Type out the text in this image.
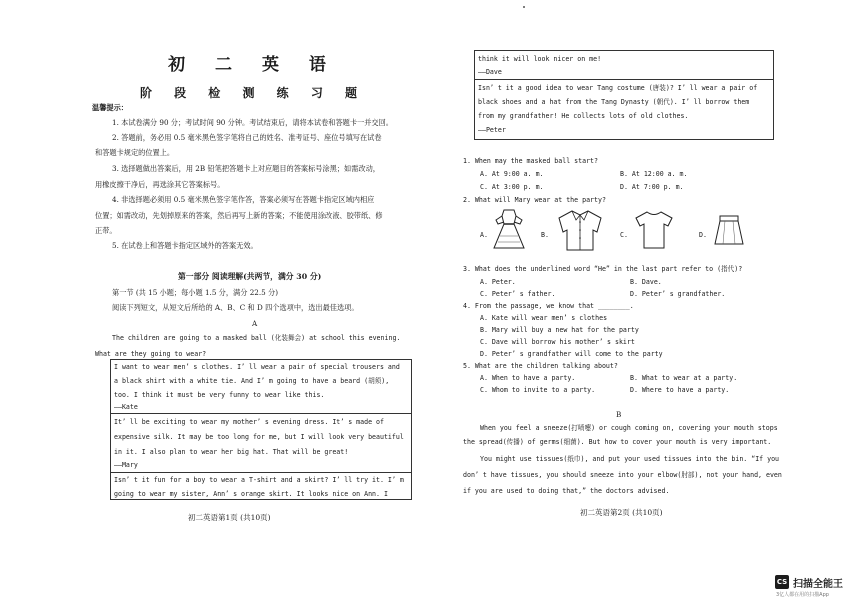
初 二 英 语
阶 段 检 测 练 习 题
温馨提示：
1. 本试卷满分 90 分；考试时间 90 分钟。考试结束后，请将本试卷和答题卡一并交回。
2. 答题前，务必用 0.5 毫米黑色签字笔将自己的姓名、准考证号、座位号填写在试卷
和答题卡规定的位置上。
3. 选择题做出答案后，用 2B 铅笔把答题卡上对应题目的答案标号涂黑；如需改动，
用橡皮擦干净后，再选涂其它答案标号。
4. 非选择题必须用 0.5 毫米黑色签字笔作答，答案必须写在答题卡指定区域内相应
位置；如需改动，先划掉原来的答案，然后再写上新的答案；不能使用涂改液、胶带纸、修
正带。
5. 在试卷上和答题卡指定区域外的答案无效。
第一部分 阅读理解(共两节，满分 30 分)
第一节 (共 15 小题；每小题 1.5 分，满分 22.5 分)
阅读下列短文，从短文后所给的 A、B、C 和 D 四个选项中，选出最佳选项。
A
The children are going to a masked ball (化装舞会) at school this evening.
What are they going to wear?
I want to wear men’ s clothes. I’ ll wear a pair of special trousers and
a black shirt with a white tie. And I’ m going to have a beard (胡须),
too. I think it must be very funny to wear like this.
——Kate
It’ ll be exciting to wear my mother’ s evening dress. It’ s made of
expensive silk. It may be too long for me, but I will look very beautiful
in it. I also plan to wear her big hat. That will be great!
——Mary
Isn’ t it fun for a boy to wear a T-shirt and a skirt? I’ ll try it. I’ m
going to wear my sister, Ann’ s orange skirt. It looks nice on Ann. I
初二英语第1页 (共10页)
think it will look nicer on me!
——Dave
Isn’ t it a good idea to wear Tang costume (唐装)? I’ ll wear a pair of
black shoes and a hat from the Tang Dynasty (朝代). I’ ll borrow them
from my grandfather! He collects lots of old clothes.
——Peter
1. When may the masked ball start?
A. At 9:00 a. m.	B. At 12:00 a. m.
C. At 3:00 p. m.	D. At 7:00 p. m.
2. What will Mary wear at the party?
A.	B.	C.	D.
3. What does the underlined word “He” in the last part refer to (指代)?
A. Peter.	B. Dave.
C. Peter’ s father.	D. Peter’ s grandfather.
4. From the passage, we know that ________.
A. Kate will wear men’ s clothes
B. Mary will buy a new hat for the party
C. Dave will borrow his mother’ s skirt
D. Peter’ s grandfather will come to the party
5. What are the children talking about?
A. When to have a party.	B. What to wear at a party.
C. Whom to invite to a party.	D. Where to have a party.
B
When you feel a sneeze(打喷嚏) or cough coming on, covering your mouth stops
the spread(传播) of germs(细菌). But how to cover your mouth is very important.
You might use tissues(纸巾), and put your used tissues into the bin. “If you
don’ t have tissues, you should sneeze into your elbow(肘部), not your hand, even
if you are used to doing that,” the doctors advised.
初二英语第2页 (共10页)
CS 扫描全能王
3亿人都在用的扫描App
